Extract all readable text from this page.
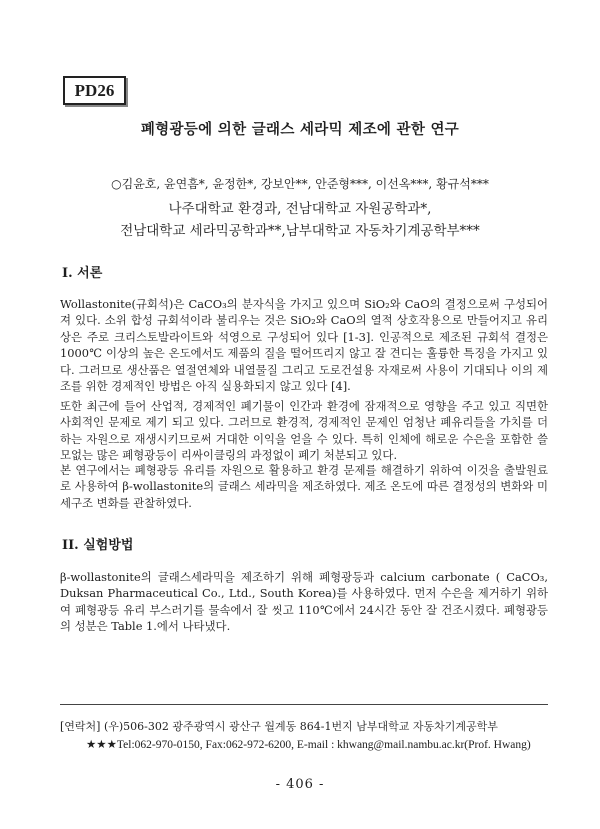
PD26
폐형광등에 의한 글래스 세라믹 제조에 관한 연구
○김윤호, 윤연흠*, 윤정한*, 강보안**, 안준형***, 이선옥***, 황규석***
나주대학교 환경과, 전남대학교 자원공학과*,
전남대학교 세라믹공학과**,남부대학교 자동차기계공학부***
I. 서론

Wollastonite(규회석)은 CaCO₃의 분자식을 가지고 있으며 SiO₂와 CaO의 결정으로써 구성되어져 있다. 소위 합성 규회석이라 불리우는 것은 SiO₂와 CaO의 열적 상호작용으로 만들어지고 유리상은 주로 크리스토발라이트와 석영으로 구성되어 있다 [1-3]. 인공적으로 제조된 규회석 결정은 1000℃ 이상의 높은 온도에서도 제품의 질을 떨어뜨리지 않고 잘 견디는 훌륭한 특징을 가지고 있다. 그러므로 생산품은 열절연체와 내열물질 그리고 도로건설용 자재로써 사용이 기대되나 이의 제조를 위한 경제적인 방법은 아직 실용화되지 않고 있다 [4].

또한 최근에 들어 산업적, 경제적인 폐기물이 인간과 환경에 잠재적으로 영향을 주고 있고 직면한 사회적인 문제로 제기 되고 있다. 그러므로 환경적, 경제적인 문제인 엄청난 폐유리들을 가치를 더하는 자원으로 재생시키므로써 거대한 이익을 얻을 수 있다. 특히 인체에 해로운 수은을 포함한 쓸모없는 많은 폐형광등이 리싸이클링의 과정없이 폐기 처분되고 있다.

본 연구에서는 폐형광등 유리를 자원으로 활용하고 환경 문제를 해결하기 위하여 이것을 출발원료로 사용하여 β-wollastonite의 글래스 세라믹을 제조하였다. 제조 온도에 따른 결정성의 변화와 미세구조 변화를 관찰하였다.

II. 실험방법

β-wollastonite의 글래스세라믹을 제조하기 위해 폐형광등과 calcium carbonate ( CaCO₃, Duksan Pharmaceutical Co., Ltd., South Korea)를 사용하였다. 먼저 수은을 제거하기 위하여 폐형광등 유리 부스러기를 물속에서 잘 씻고 110℃에서 24시간 동안 잘 건조시켰다. 폐형광등의 성분은 Table 1.에서 나타냈다.

[연락처] (우)506-302 광주광역시 광산구 월계동 864-1번지 남부대학교 자동차기계공학부
★★★Tel:062-970-0150, Fax:062-972-6200, E-mail : khwang@mail.nambu.ac.kr(Prof. Hwang)
- 406 -
